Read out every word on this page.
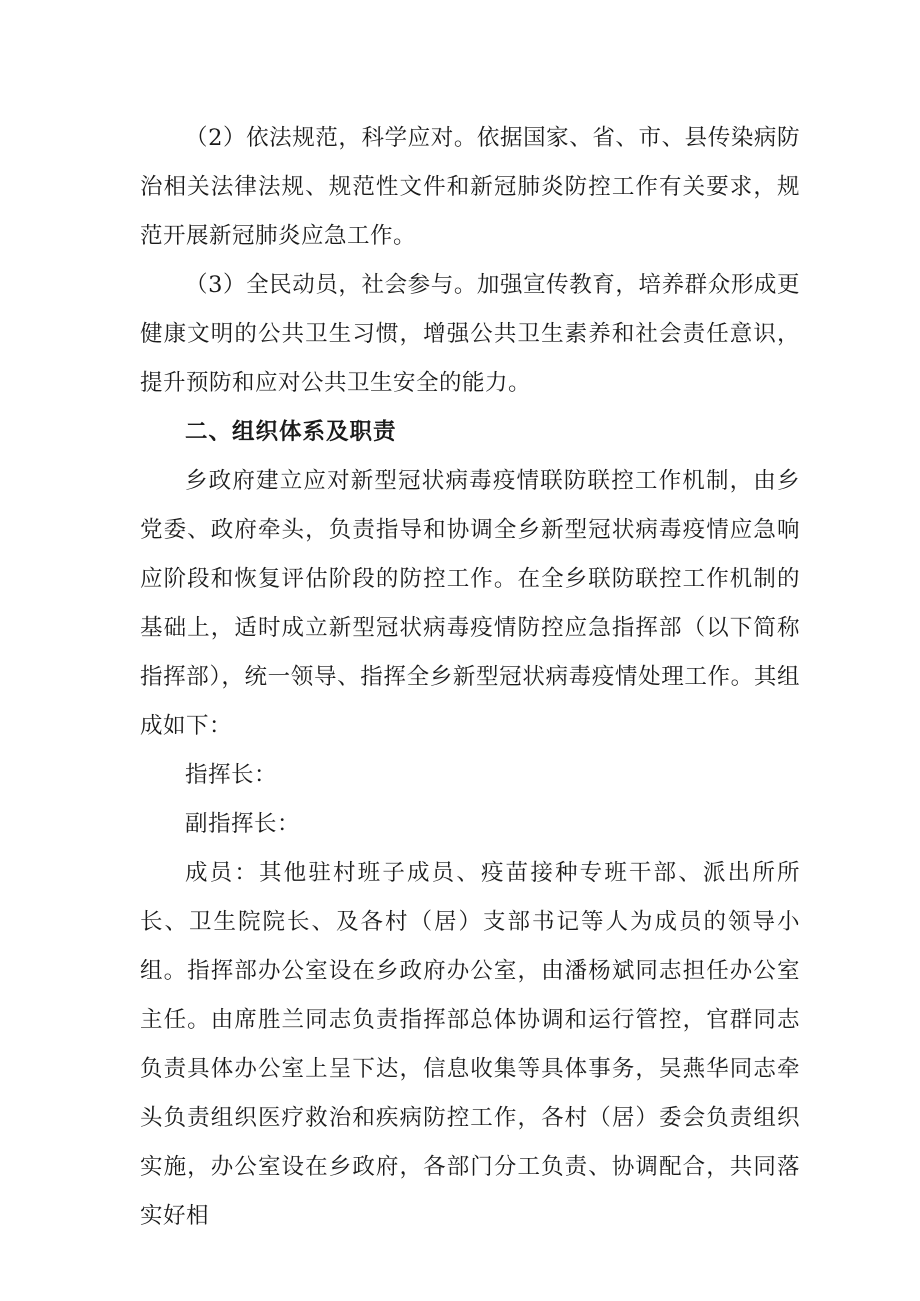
（2）依法规范，科学应对。依据国家、省、市、县传染病防治相关法律法规、规范性文件和新冠肺炎防控工作有关要求，规范开展新冠肺炎应急工作。

（3）全民动员，社会参与。加强宣传教育，培养群众形成更健康文明的公共卫生习惯，增强公共卫生素养和社会责任意识，提升预防和应对公共卫生安全的能力。

二、组织体系及职责

乡政府建立应对新型冠状病毒疫情联防联控工作机制，由乡党委、政府牵头，负责指导和协调全乡新型冠状病毒疫情应急响应阶段和恢复评估阶段的防控工作。在全乡联防联控工作机制的基础上，适时成立新型冠状病毒疫情防控应急指挥部（以下简称指挥部），统一领导、指挥全乡新型冠状病毒疫情处理工作。其组成如下：

指挥长：

副指挥长：

成员：其他驻村班子成员、疫苗接种专班干部、派出所所长、卫生院院长、及各村（居）支部书记等人为成员的领导小组。指挥部办公室设在乡政府办公室，由潘杨斌同志担任办公室主任。由席胜兰同志负责指挥部总体协调和运行管控，官群同志负责具体办公室上呈下达，信息收集等具体事务，吴燕华同志牵头负责组织医疗救治和疾病防控工作，各村（居）委会负责组织实施，办公室设在乡政府，各部门分工负责、协调配合，共同落实好相
